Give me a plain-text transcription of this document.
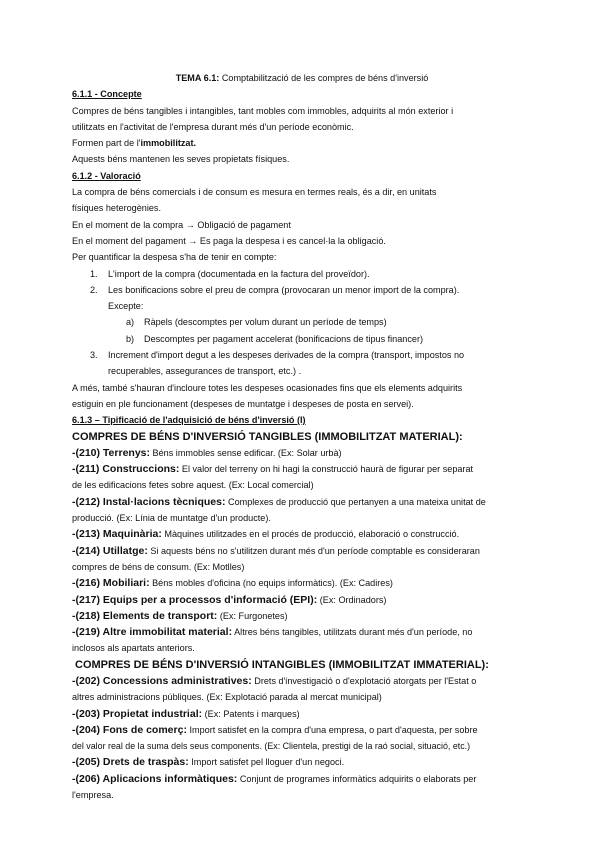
TEMA 6.1: Comptabilització de les compres de béns d'inversió
6.1.1 - Concepte
Compres de béns tangibles i intangibles, tant mobles com immobles, adquirits al món exterior i
utilitzats en l'activitat de l'empresa durant més d'un període econòmic.
Formen part de l'immobilitzat.
Aquests béns mantenen les seves propietats físiques.
6.1.2 - Valoració
La compra de béns comercials i de consum es mesura en termes reals, és a dir, en unitats
físiques heterogènies.
En el moment de la compra → Obligació de pagament
En el moment del pagament → Es paga la despesa i es cancel·la la obligació.
Per quantificar la despesa s'ha de tenir en compte:
1. L'import de la compra (documentada en la factura del proveïdor).
2. Les bonificacions sobre el preu de compra (provocaran un menor import de la compra).
Excepte:
a) Ràpels (descomptes per volum durant un període de temps)
b) Descomptes per pagament accelerat (bonificacions de tipus financer)
3. Increment d'import degut a les despeses derivades de la compra (transport, impostos no
recuperables, assegurances de transport, etc.) .
A més, també s'hauran d'incloure totes les despeses ocasionades fins que els elements adquirits
estiguin en ple funcionament (despeses de muntatge i despeses de posta en servei).
6.1.3 – Tipificació de l'adquisició de béns d'inversió (I)
COMPRES DE BÉNS D'INVERSIÓ TANGIBLES (IMMOBILITZAT MATERIAL):
-(210) Terrenys: Béns immobles sense edificar. (Ex: Solar urbà)
-(211) Construccions: El valor del terreny on hi hagi la construcció haurà de figurar per separat
de les edificacions fetes sobre aquest. (Ex: Local comercial)
-(212) Instal·lacions tècniques: Complexes de producció que pertanyen a una mateixa unitat de
producció. (Ex: Línia de muntatge d'un producte).
-(213) Maquinària: Màquines utilitzades en el procés de producció, elaboració o construcció.
-(214) Utillatge: Si aquests béns no s'utilitzen durant més d'un període comptable es consideraran
compres de béns de consum. (Ex: Motlles)
-(216) Mobiliari: Béns mobles d'oficina (no equips informàtics). (Ex: Cadires)
-(217) Equips per a processos d'informació (EPI): (Ex: Ordinadors)
-(218) Elements de transport: (Ex: Furgonetes)
-(219) Altre immobilitat material: Altres béns tangibles, utilitzats durant més d'un període, no
inclosos als apartats anteriors.
COMPRES DE BÉNS D'INVERSIÓ INTANGIBLES (IMMOBILITZAT IMMATERIAL):
-(202) Concessions administratives: Drets d'investigació o d'explotació atorgats per l'Estat o
altres administracions públiques. (Ex: Explotació parada al mercat municipal)
-(203) Propietat industrial: (Ex: Patents i marques)
-(204) Fons de comerç: Import satisfet en la compra d'una empresa, o part d'aquesta, per sobre
del valor real de la suma dels seus components. (Ex: Clientela, prestigi de la raó social, situació, etc.)
-(205) Drets de traspàs: Import satisfet pel lloguer d'un negoci.
-(206) Aplicacions informàtiques: Conjunt de programes informàtics adquirits o elaborats per
l'empresa.
